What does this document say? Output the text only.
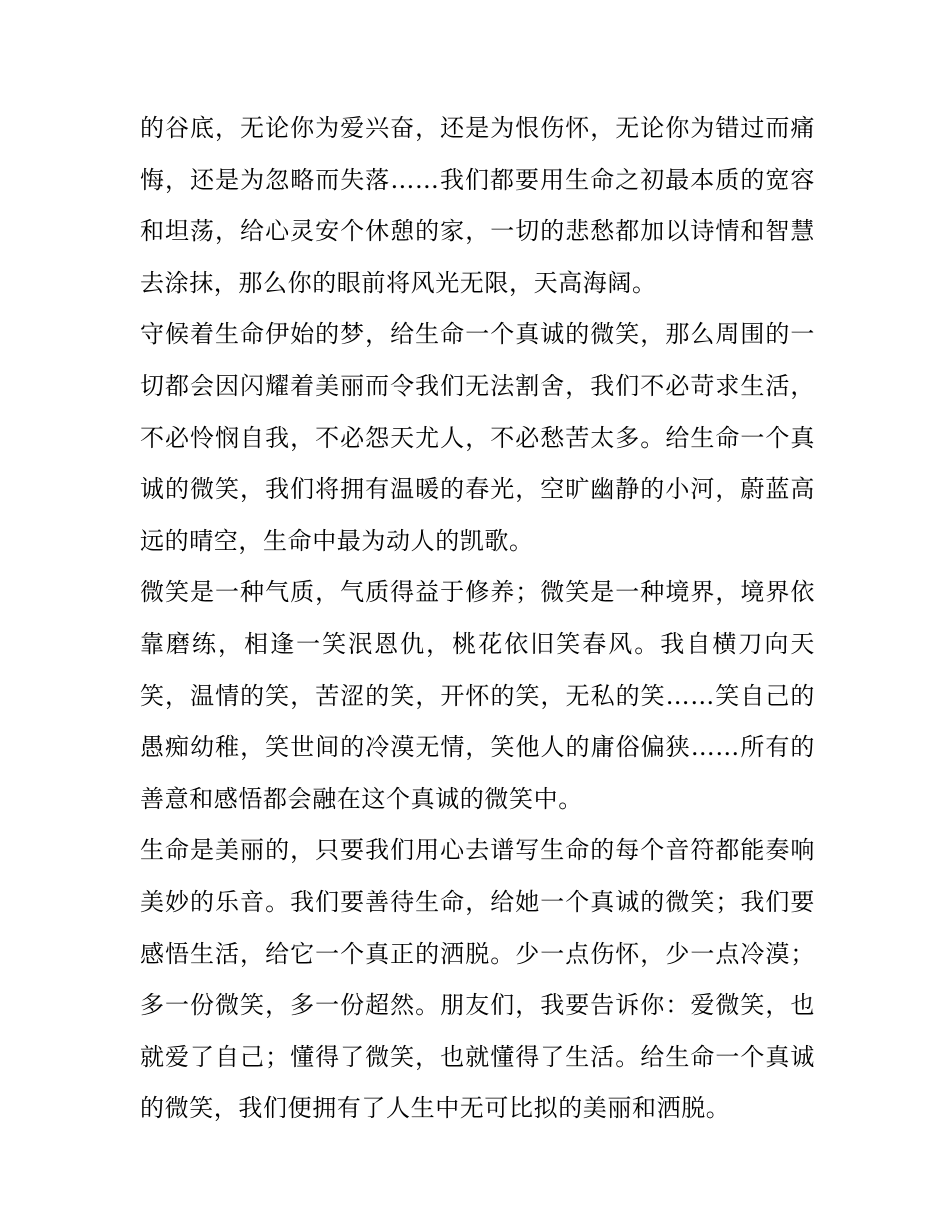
的谷底，无论你为爱兴奋，还是为恨伤怀，无论你为错过而痛悔，还是为忽略而失落……我们都要用生命之初最本质的宽容和坦荡，给心灵安个休憩的家，一切的悲愁都加以诗情和智慧去涂抹，那么你的眼前将风光无限，天高海阔。

守候着生命伊始的梦，给生命一个真诚的微笑，那么周围的一切都会因闪耀着美丽而令我们无法割舍，我们不必苛求生活，不必怜悯自我，不必怨天尤人，不必愁苦太多。给生命一个真诚的微笑，我们将拥有温暖的春光，空旷幽静的小河，蔚蓝高远的晴空，生命中最为动人的凯歌。

微笑是一种气质，气质得益于修养；微笑是一种境界，境界依靠磨练，相逢一笑泯恩仇，桃花依旧笑春风。我自横刀向天笑，温情的笑，苦涩的笑，开怀的笑，无私的笑……笑自己的愚痴幼稚，笑世间的冷漠无情，笑他人的庸俗偏狭……所有的善意和感悟都会融在这个真诚的微笑中。

生命是美丽的，只要我们用心去谱写生命的每个音符都能奏响美妙的乐音。我们要善待生命，给她一个真诚的微笑；我们要感悟生活，给它一个真正的洒脱。少一点伤怀，少一点冷漠；多一份微笑，多一份超然。朋友们，我要告诉你：爱微笑，也就爱了自己；懂得了微笑，也就懂得了生活。给生命一个真诚的微笑，我们便拥有了人生中无可比拟的美丽和洒脱。
